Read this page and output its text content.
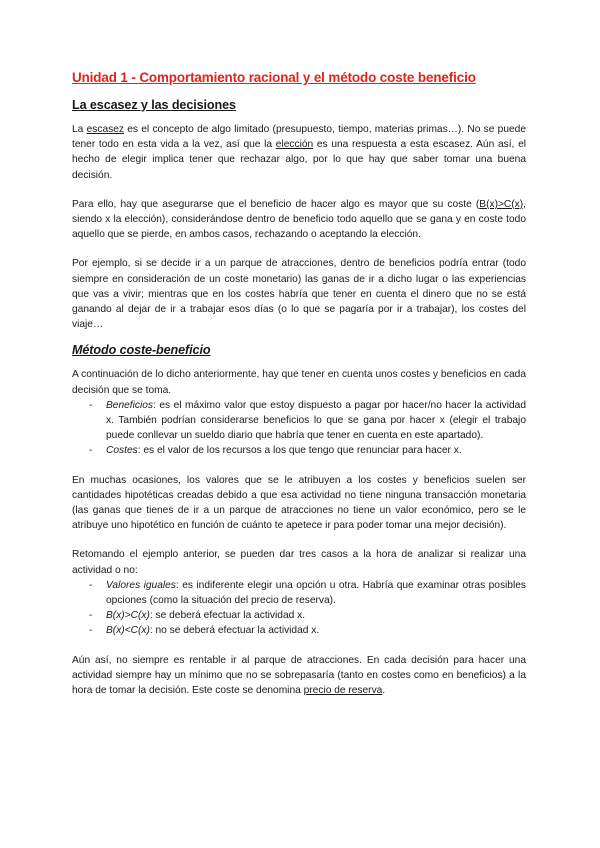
Unidad 1 - Comportamiento racional y el método coste beneficio
La escasez y las decisiones

La escasez es el concepto de algo limitado (presupuesto, tiempo, materias primas…). No se puede tener todo en esta vida a la vez, así que la elección es una respuesta a esta escasez. Aún así, el hecho de elegir implica tener que rechazar algo, por lo que hay que saber tomar una buena decisión.

Para ello, hay que asegurarse que el beneficio de hacer algo es mayor que su coste (B(x)>C(x), siendo x la elección), considerándose dentro de beneficio todo aquello que se gana y en coste todo aquello que se pierde, en ambos casos, rechazando o aceptando la elección.

Por ejemplo, si se decide ir a un parque de atracciones, dentro de beneficios podría entrar (todo siempre en consideración de un coste monetario) las ganas de ir a dicho lugar o las experiencias que vas a vivir; mientras que en los costes habría que tener en cuenta el dinero que no se está ganando al dejar de ir a trabajar esos días (o lo que se pagaría por ir a trabajar), los costes del viaje…

Método coste-beneficio

A continuación de lo dicho anteriormente, hay que tener en cuenta unos costes y beneficios en cada decisión que se toma.

- Beneficios: es el máximo valor que estoy dispuesto a pagar por hacer/no hacer la actividad x. También podrían considerarse beneficios lo que se gana por hacer x (elegir el trabajo puede conllevar un sueldo diario que habría que tener en cuenta en este apartado).
- Costes: es el valor de los recursos a los que tengo que renunciar para hacer x.

En muchas ocasiones, los valores que se le atribuyen a los costes y beneficios suelen ser cantidades hipotéticas creadas debido a que esa actividad no tiene ninguna transacción monetaria (las ganas que tienes de ir a un parque de atracciones no tiene un valor económico, pero se le atribuye uno hipotético en función de cuánto te apetece ir para poder tomar una mejor decisión).

Retomando el ejemplo anterior, se pueden dar tres casos a la hora de analizar si realizar una actividad o no:

- Valores iguales: es indiferente elegir una opción u otra. Habría que examinar otras posibles opciones (como la situación del precio de reserva).
- B(x)>C(x): se deberá efectuar la actividad x.
- B(x)<C(x): no se deberá efectuar la actividad x.

Aún así, no siempre es rentable ir al parque de atracciones. En cada decisión para hacer una actividad siempre hay un mínimo que no se sobrepasaría (tanto en costes como en beneficios) a la hora de tomar la decisión. Este coste se denomina precio de reserva.
